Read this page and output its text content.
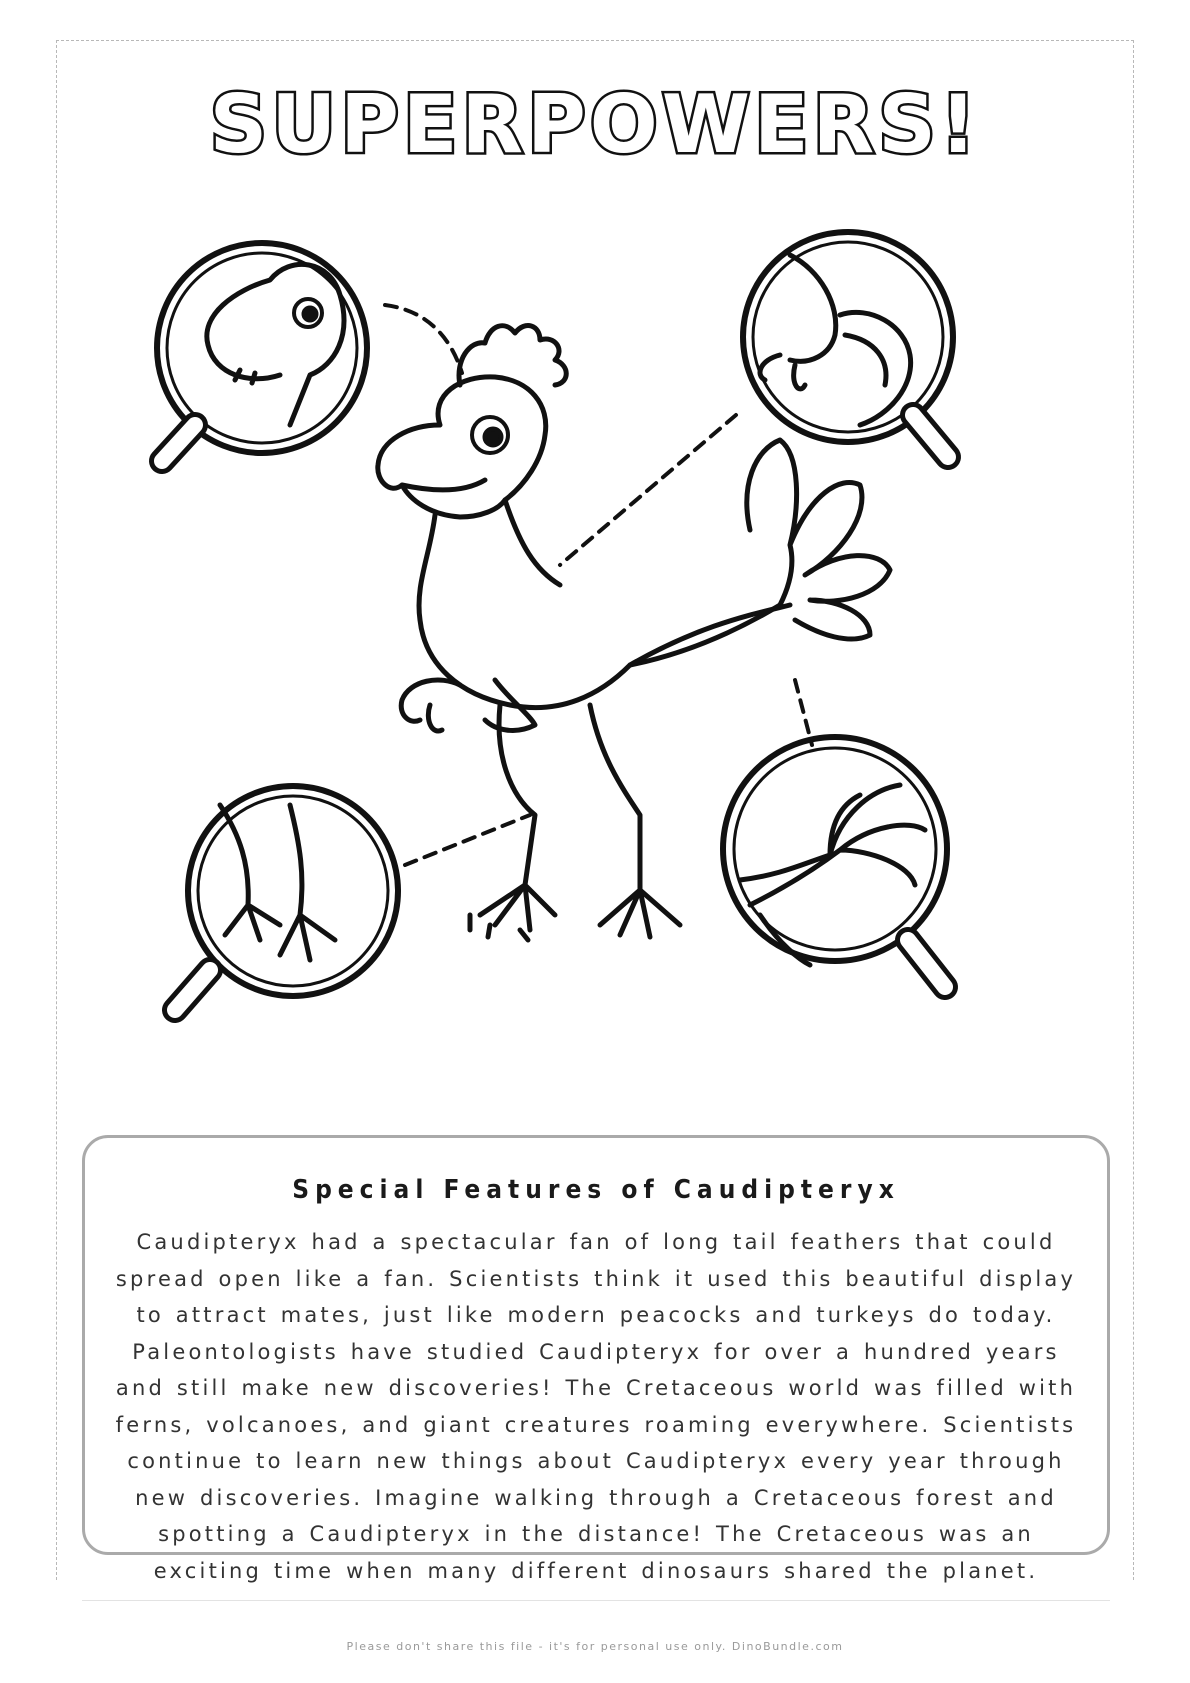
SUPERPOWERS!
Special Features of Caudipteryx
Caudipteryx had a spectacular fan of long tail feathers that could spread open like a fan. Scientists think it used this beautiful display to attract mates, just like modern peacocks and turkeys do today. Paleontologists have studied Caudipteryx for over a hundred years and still make new discoveries! The Cretaceous world was filled with ferns, volcanoes, and giant creatures roaming everywhere. Scientists continue to learn new things about Caudipteryx every year through new discoveries. Imagine walking through a Cretaceous forest and spotting a Caudipteryx in the distance! The Cretaceous was an exciting time when many different dinosaurs shared the planet.
Please don't share this file - it's for personal use only. DinoBundle.com
